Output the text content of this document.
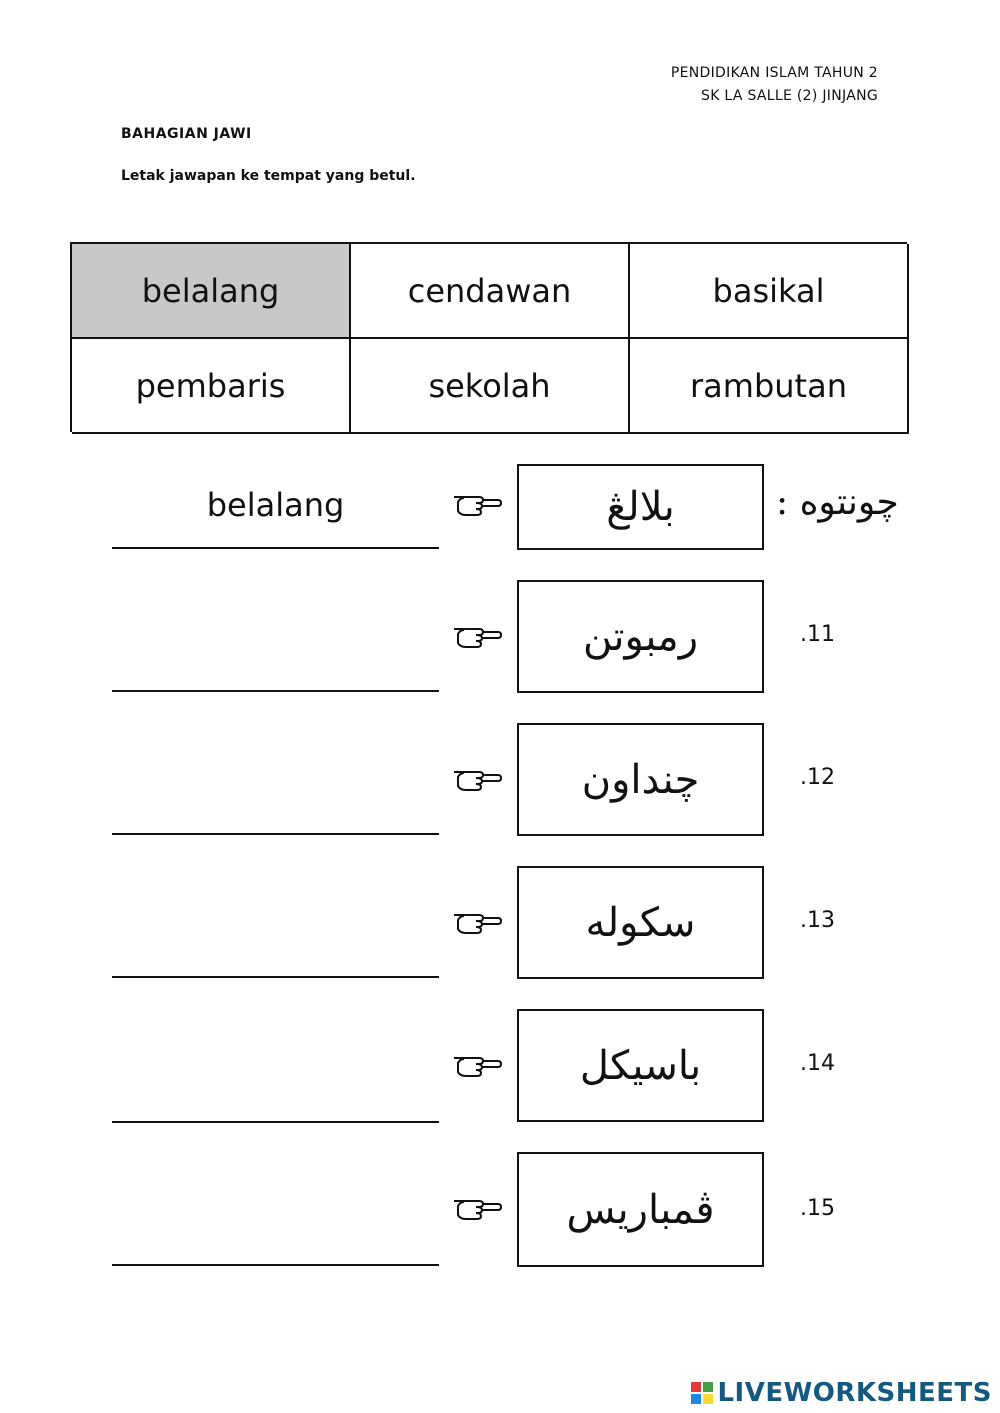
PENDIDIKAN ISLAM TAHUN 2
SK LA SALLE (2) JINJANG
BAHAGIAN JAWI
Letak jawapan ke tempat yang betul.
belalang	cendawan	basikal
pembaris	sekolah	rambutan
belalang	بلالڠ	چونتوه :
رمبوتن	.11
چنداون	.12
سکوله	.13
باسيکل	.14
ڤمباريس	.15
LIVEWORKSHEETS
